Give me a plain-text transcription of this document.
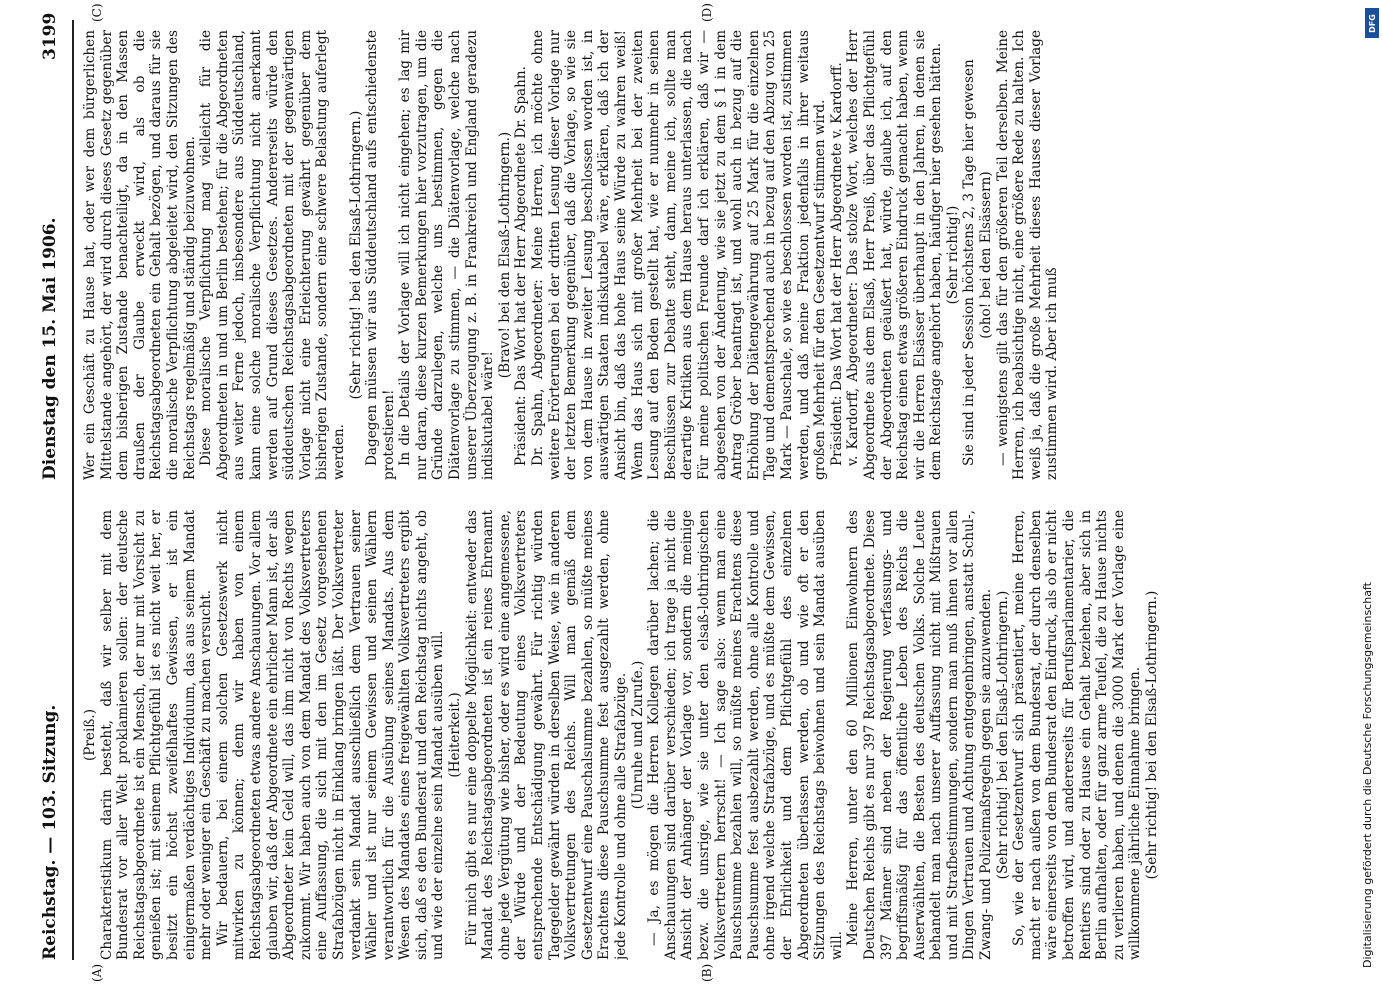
Reichstag. — 103. Sitzung.
Dienstag den 15. Mai 1906.
3199

(Preiß.) Charakteristikum darin besteht, daß wir selber mit dem Bundesrat vor aller Welt proklamieren sollen: der deutsche Reichstagsabgeordnete ist ein Mensch, der nur mit Vorsicht zu genießen ist; mit seinem Pflichtgefühl ist es nicht weit her, er besitzt ein höchst zweifelhaftes Gewissen, er ist ein einigermaßen verdächtiges Individuum, das aus seinem Mandat mehr oder weniger ein Geschäft zu machen versucht. Wir bedauern, bei einem solchen Gesetzeswerk nicht mitwirken zu können; denn wir haben von einem Reichstagsabgeordneten etwas andere Anschauungen. Vor allem glauben wir, daß der Abgeordnete ein ehrlicher Mann ist, der als Abgeordneter kein Geld will, das ihm nicht von Rechts wegen zukommt. Wir haben auch von dem Mandat des Volksvertreters eine Auffassung, die sich mit den im Gesetz vorgesehenen Strafabzügen nicht in Einklang bringen läßt. Der Volksvertreter verdankt sein Mandat ausschließlich dem Vertrauen seiner Wähler und ist nur seinem Gewissen und seinen Wählern verantwortlich für die Ausübung seines Mandats. Aus dem Wesen des Mandates eines freigewählten Volksvertreters ergibt sich, daß es den Bundesrat und den Reichstag nichts angeht, ob und wie der einzelne sein Mandat ausüben will. (Heiterkeit.) Für mich gibt es nur eine doppelte Möglichkeit: entweder das Mandat des Reichstagsabgeordneten ist ein reines Ehrenamt ohne jede Vergütung wie bisher, oder es wird eine angemessene, der Würde und der Bedeutung eines Volksvertreters entsprechende Entschädigung gewährt. Für richtig würden Tagegelder gewährt würden in derselben Weise, wie in anderen Volksvertretungen des Reichs. Will man gemäß dem Gesetzentwurf eine Pauschalsumme bezahlen, so müßte meines Erachtens diese Pauschsumme fest ausgezahlt werden, ohne jede Kontrolle und ohne alle Strafabzüge. (Unruhe und Zurufe.) — Ja, es mögen die Herren Kollegen darüber lachen; die Anschauungen sind darüber verschieden; ich trage ja nicht die Ansicht der Anhänger der Vorlage vor, sondern die meinige bezw. die unsrige, wie sie unter den elsaß-lothringischen Volksvertretern herrscht! — Ich sage also: wenn man eine Pauschsumme bezahlen will, so müßte meines Erachtens diese Pauschsumme fest ausbezahlt werden, ohne alle Kontrolle und ohne irgend welche Strafabzüge, und es müßte dem Gewissen, der Ehrlichkeit und dem Pflichtgefühl des einzelnen Abgeordneten überlassen werden, ob und wie oft er den Sitzungen des Reichstags beiwohnen und sein Mandat ausüben will. Meine Herren, unter den 60 Millionen Einwohnern des Deutschen Reichs gibt es nur 397 Reichstagsabgeordnete. Diese 397 Männer sind neben der Regierung verfassungs- und begriffsmäßig für das öffentliche Leben des Reichs die Auserwählten, die Besten des deutschen Volks. Solche Leute behandelt man nach unserer Auffassung nicht mit Mißtrauen und mit Strafbestimmungen, sondern man muß ihnen vor allen Dingen Vertrauen und Achtung entgegenbringen, anstatt Schul-, Zwang- und Polizeimaßregeln gegen sie anzuwenden. (Sehr richtig! bei den Elsaß-Lothringern.) So, wie der Gesetzentwurf sich präsentiert, meine Herren, macht er nach außen von dem Bundesrat, der durch denselben wäre einerseits von dem Bundesrat den Eindruck, als ob er nicht betroffen wird, und andererseits für Berufsparlamentarier, die Rentiers sind oder zu Hause ein Gehalt beziehen, aber sich in Berlin aufhalten, oder für ganz arme Teufel, die zu Hause nichts zu verlieren haben, und denen die 3000 Mark der Vorlage eine willkommene jährliche Einnahme bringen. (Sehr richtig! bei den Elsaß-Lothringern.)

Wer ein Geschäft zu Hause hat, oder wer dem bürgerlichen Mittelstande angehört, der wird durch dieses Gesetz gegenüber dem bisherigen Zustande benachteiligt, da in den Massen draußen der Glaube erweckt wird, als ob die Reichstagsabgeordneten ein Gehalt bezögen, und daraus für sie die moralische Verpflichtung abgeleitet wird, den Sitzungen des Reichstags regelmäßig und ständig beizuwohnen. Diese moralische Verpflichtung mag vielleicht für die Abgeordneten in und um Berlin bestehen; für die Abgeordneten aus weiter Ferne jedoch, insbesondere aus Süddeutschland, kann eine solche moralische Verpflichtung nicht anerkannt werden auf Grund dieses Gesetzes. Andererseits würde den süddeutschen Reichstagsabgeordneten mit der gegenwärtigen Vorlage nicht eine Erleichterung gewährt gegenüber dem bisherigen Zustande, sondern eine schwere Belastung auferlegt werden.

(Sehr richtig! bei den Elsaß-Lothringern.) Dagegen müssen wir aus Süddeutschland aufs entschiedenste protestieren! In die Details der Vorlage will ich nicht eingehen; es lag mir nur daran, diese kurzen Bemerkungen hier vorzutragen, um die Gründe darzulegen, welche uns bestimmen, gegen die Diätenvorlage zu stimmen, — die Diätenvorlage, welche nach unserer Überzeugung z. B. in Frankreich und England geradezu indiskutabel wäre!

(Bravo! bei den Elsaß-Lothringern.) Präsident: Das Wort hat der Herr Abgeordnete Dr. Spahn. Dr. Spahn, Abgeordneter: Meine Herren, ich möchte ohne weitere Erörterungen bei der dritten Lesung dieser Vorlage nur der letzten Bemerkung gegenüber, daß die Vorlage, so wie sie von dem Hause in zweiter Lesung beschlossen worden ist, in auswärtigen Staaten indiskutabel wäre, erklären, daß ich der Ansicht bin, daß das hohe Haus seine Würde zu wahren weiß! Wenn das Haus sich mit großer Mehrheit bei der zweiten Lesung auf den Boden gestellt hat, wie er nunmehr in seinen Beschlüssen zur Debatte steht, dann, meine ich, sollte man derartige Kritiken aus dem Hause heraus unterlassen, die nach Für meine politischen Freunde darf ich erklären, daß wir — abgesehen von der Änderung, wie sie jetzt zu dem § 1 in dem Antrag Gröber beantragt ist, und wohl auch in bezug auf die Erhöhung der Diätengewährung auf 25 Mark für die einzelnen Tage und dementsprechend auch in bezug auf den Abzug von 25 Mark — Pauschale, so wie es beschlossen worden ist, zustimmen werden, und daß meine Fraktion jedenfalls in ihrer weitaus großen Mehrheit für den Gesetzentwurf stimmen wird. Präsident: Das Wort hat der Herr Abgeordnete v. Kardorff. v. Kardorff, Abgeordneter: Das stolze Wort, welches der Herr Abgeordnete aus dem Elsaß, Herr Preiß, über das Pflichtgefühl der Abgeordneten geäußert hat, würde, glaube ich, auf den Reichstag einen etwas größeren Eindruck gemacht haben, wenn wir die Herren Elsässer überhaupt in den Jahren, in denen sie dem Reichstage angehört haben, häufiger hier gesehen hätten. (Sehr richtig!) Sie sind in jeder Session höchstens 2, 3 Tage hier gewesen (oho! bei den Elsässern) — wenigstens gilt das für den größeren Teil derselben. Meine Herren, ich beabsichtige nicht, eine größere Rede zu halten. Ich weiß ja, daß die große Mehrheit dieses Hauses dieser Vorlage zustimmen wird. Aber ich muß

(A)	(B)
(C)	(D)
Digitalisierung gefördert durch die Deutsche Forschungsgemeinschaft
DFG
